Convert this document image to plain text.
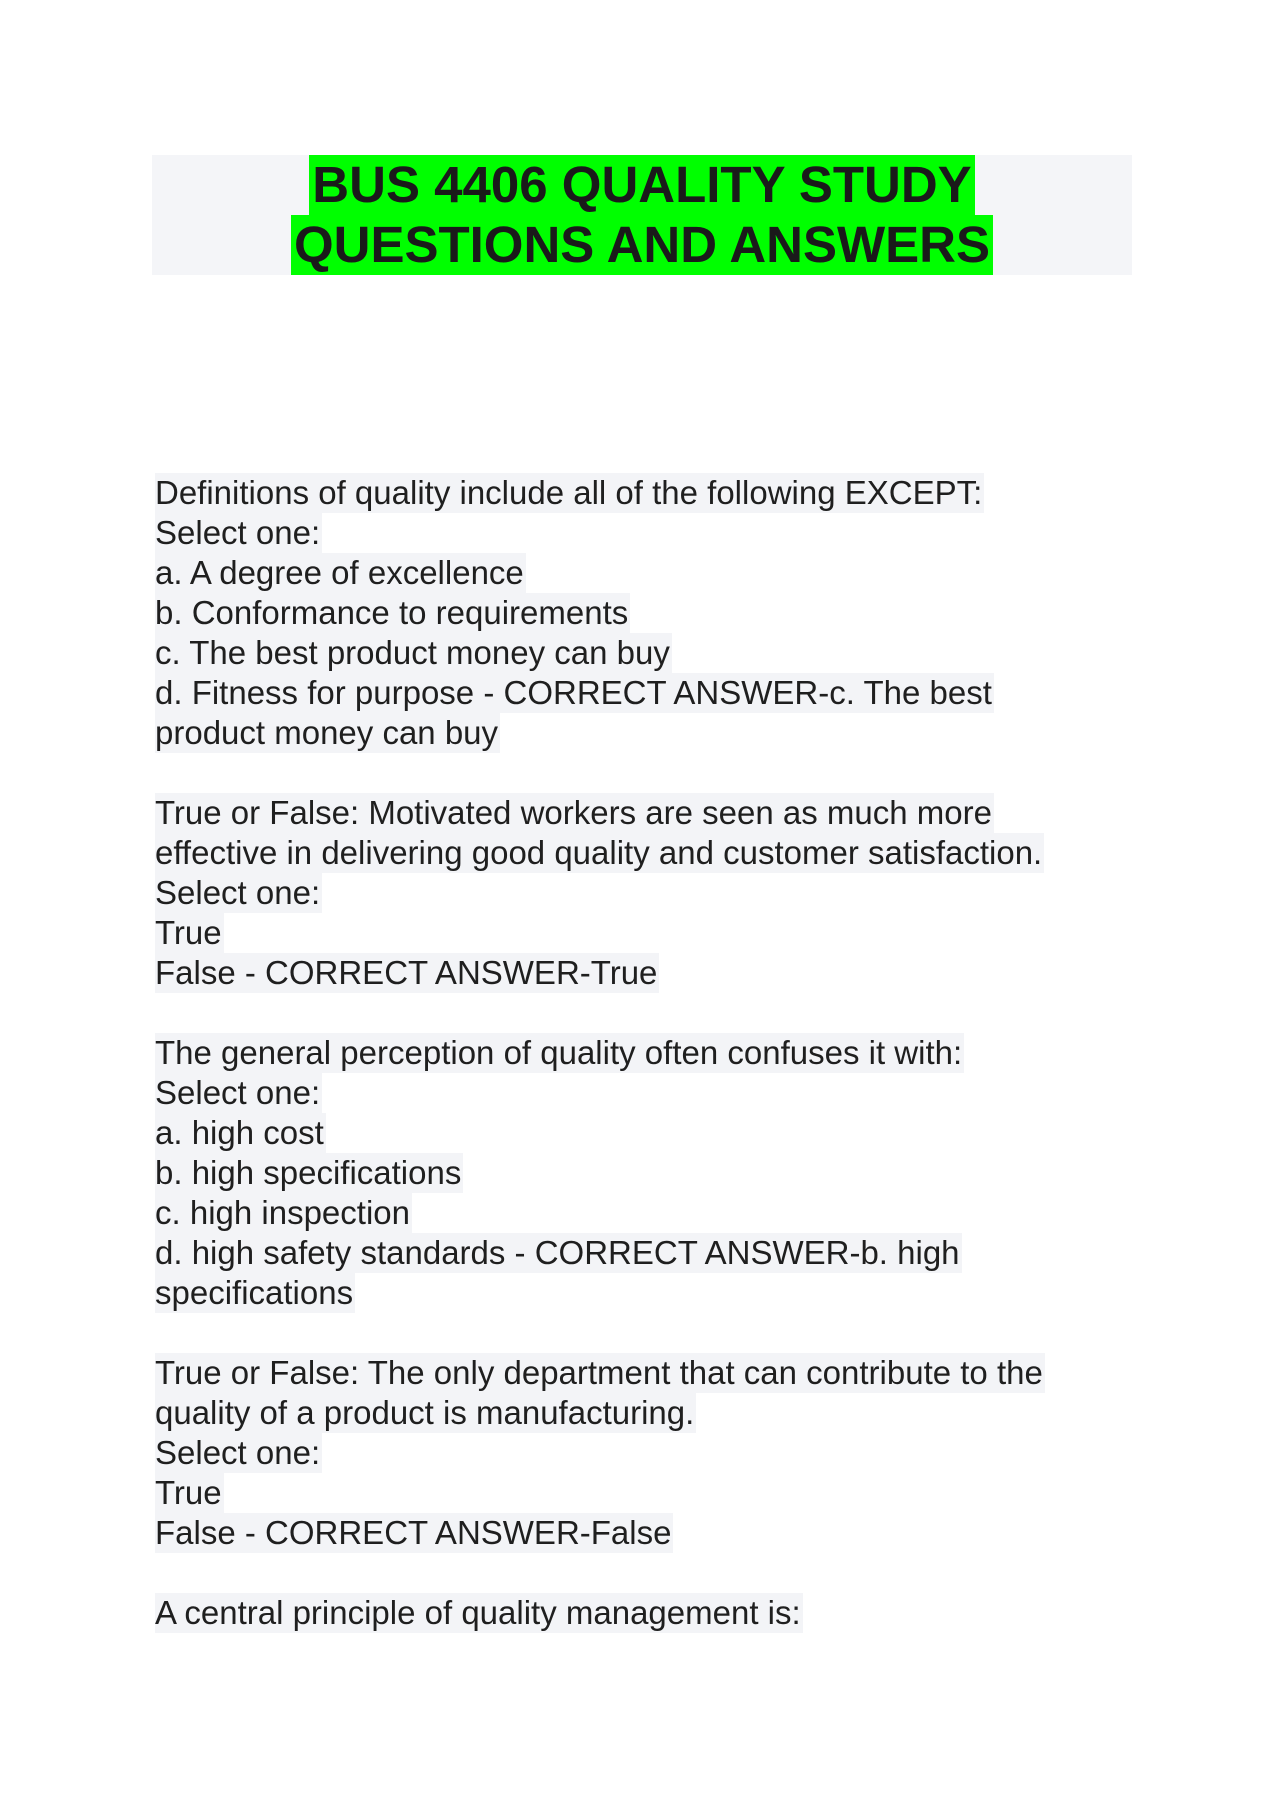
BUS 4406 QUALITY STUDY
QUESTIONS AND ANSWERS
Definitions of quality include all of the following EXCEPT:
Select one:
a. A degree of excellence
b. Conformance to requirements
c. The best product money can buy
d. Fitness for purpose - CORRECT ANSWER-c. The best
product money can buy
True or False: Motivated workers are seen as much more
effective in delivering good quality and customer satisfaction.
Select one:
True
False - CORRECT ANSWER-True
The general perception of quality often confuses it with:
Select one:
a. high cost
b. high specifications
c. high inspection
d. high safety standards - CORRECT ANSWER-b. high
specifications
True or False: The only department that can contribute to the
quality of a product is manufacturing.
Select one:
True
False - CORRECT ANSWER-False
A central principle of quality management is:
